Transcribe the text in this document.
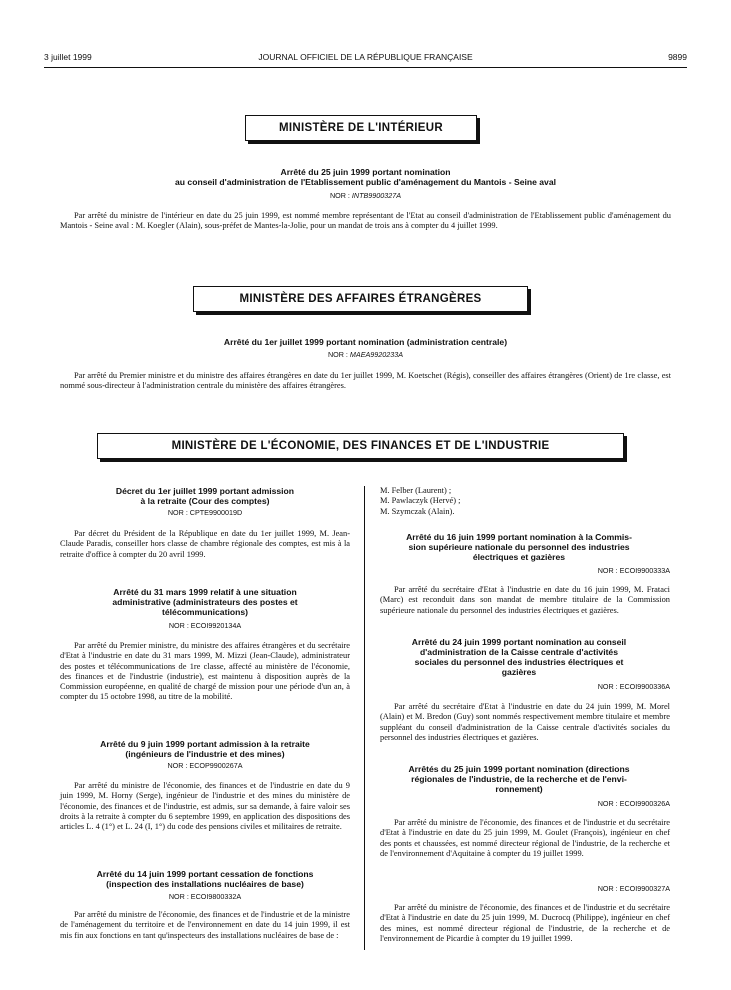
3 juillet 1999	JOURNAL OFFICIEL DE LA RÉPUBLIQUE FRANÇAISE	9899
MINISTÈRE DE L'INTÉRIEUR
Arrêté du 25 juin 1999 portant nomination
au conseil d'administration de l'Etablissement public d'aménagement du Mantois - Seine aval
NOR : INTB9900327A
Par arrêté du ministre de l'intérieur en date du 25 juin 1999, est nommé membre représentant de l'Etat au conseil d'administration de l'Etablissement public d'aménagement du Mantois - Seine aval : M. Koegler (Alain), sous-préfet de Mantes-la-Jolie, pour un mandat de trois ans à compter du 4 juillet 1999.
MINISTÈRE DES AFFAIRES ÉTRANGÈRES
Arrêté du 1er juillet 1999 portant nomination (administration centrale)
NOR : MAEA9920233A
Par arrêté du Premier ministre et du ministre des affaires étrangères en date du 1er juillet 1999, M. Koetschet (Régis), conseiller des affaires étrangères (Orient) de 1re classe, est nommé sous-directeur à l'administration centrale du ministère des affaires étrangères.
MINISTÈRE DE L'ÉCONOMIE, DES FINANCES ET DE L'INDUSTRIE
Décret du 1er juillet 1999 portant admission
à la retraite (Cour des comptes)
NOR : CPTE9900019D
Par décret du Président de la République en date du 1er juillet 1999, M. Jean-Claude Paradis, conseiller hors classe de chambre régionale des comptes, est mis à la retraite d'office à compter du 20 avril 1999.
Arrêté du 31 mars 1999 relatif à une situation
administrative (administrateurs des postes et
télécommunications)
NOR : ECOI9920134A
Par arrêté du Premier ministre, du ministre des affaires étrangères et du secrétaire d'Etat à l'industrie en date du 31 mars 1999, M. Mizzi (Jean-Claude), administrateur des postes et télécommunications de 1re classe, affecté au ministère de l'économie, des finances et de l'industrie (industrie), est maintenu à disposition auprès de la Commission européenne, en qualité de chargé de mission pour une période d'un an, à compter du 15 octobre 1998, au titre de la mobilité.
Arrêté du 9 juin 1999 portant admission à la retraite
(ingénieurs de l'industrie et des mines)
NOR : ECOP9900267A
Par arrêté du ministre de l'économie, des finances et de l'industrie en date du 9 juin 1999, M. Horny (Serge), ingénieur de l'industrie et des mines du ministère de l'économie, des finances et de l'industrie, est admis, sur sa demande, à faire valoir ses droits à la retraite à compter du 6 septembre 1999, en application des dispositions des articles L. 4 (1°) et L. 24 (I, 1°) du code des pensions civiles et militaires de retraite.
Arrêté du 14 juin 1999 portant cessation de fonctions
(inspection des installations nucléaires de base)
NOR : ECOI9800332A
Par arrêté du ministre de l'économie, des finances et de l'industrie et de la ministre de l'aménagement du territoire et de l'environnement en date du 14 juin 1999, il est mis fin aux fonctions en tant qu'inspecteurs des installations nucléaires de base de :
M. Felber (Laurent) ;
M. Pawlaczyk (Hervé) ;
M. Szymczak (Alain).
Arrêté du 16 juin 1999 portant nomination à la Commis-
sion supérieure nationale du personnel des industries
électriques et gazières
NOR : ECOI9900333A
Par arrêté du secrétaire d'Etat à l'industrie en date du 16 juin 1999, M. Frataci (Marc) est reconduit dans son mandat de membre titulaire de la Commission supérieure nationale du personnel des industries électriques et gazières.
Arrêté du 24 juin 1999 portant nomination au conseil
d'administration de la Caisse centrale d'activités
sociales du personnel des industries électriques et
gazières
NOR : ECOI9900336A
Par arrêté du secrétaire d'Etat à l'industrie en date du 24 juin 1999, M. Morel (Alain) et M. Bredon (Guy) sont nommés respectivement membre titulaire et membre suppléant du conseil d'administration de la Caisse centrale d'activités sociales du personnel des industries électriques et gazières.
Arrêtés du 25 juin 1999 portant nomination (directions
régionales de l'industrie, de la recherche et de l'envi-
ronnement)
NOR : ECOI9900326A
Par arrêté du ministre de l'économie, des finances et de l'industrie et du secrétaire d'Etat à l'industrie en date du 25 juin 1999, M. Goulet (François), ingénieur en chef des ponts et chaussées, est nommé directeur régional de l'industrie, de la recherche et de l'environnement d'Aquitaine à compter du 19 juillet 1999.
NOR : ECOI9900327A
Par arrêté du ministre de l'économie, des finances et de l'industrie et du secrétaire d'Etat à l'industrie en date du 25 juin 1999, M. Ducrocq (Philippe), ingénieur en chef des mines, est nommé directeur régional de l'industrie, de la recherche et de l'environnement de Picardie à compter du 19 juillet 1999.
